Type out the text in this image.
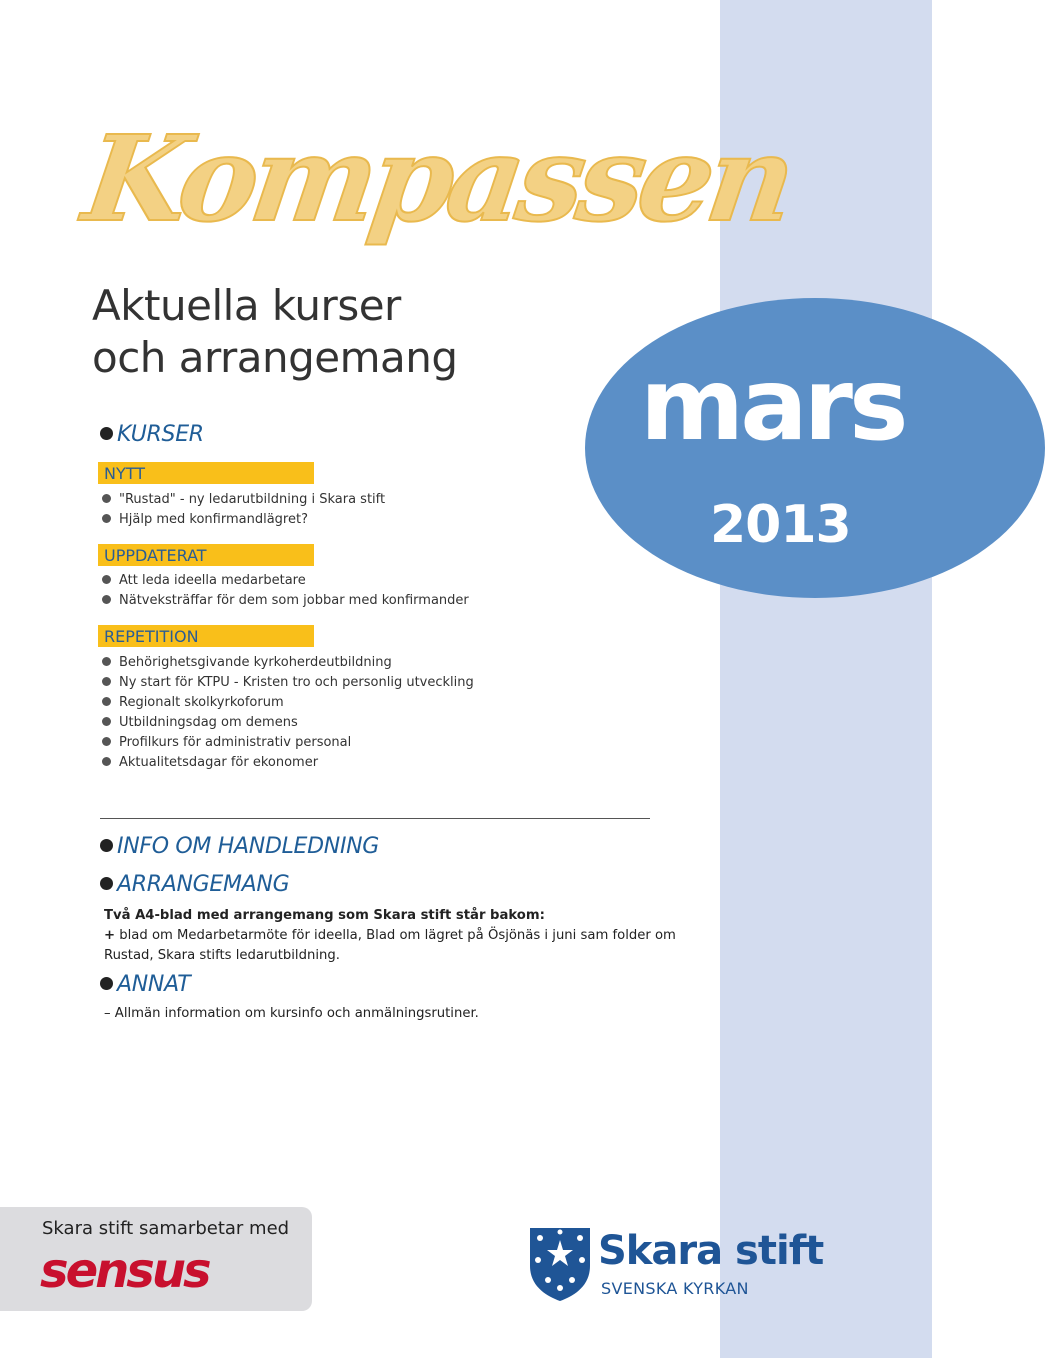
Kompassen
Aktuella kurser
och arrangemang
KURSER
NYTT
"Rustad" - ny ledarutbildning i Skara stift
Hjälp med konfirmandlägret?
UPPDATERAT
Att leda ideella medarbetare
Nätveksträffar för dem som jobbar med konfirmander
REPETITION
Behörighetsgivande kyrkoherdeutbildning
Ny start för KTPU - Kristen tro och personlig utveckling
Regionalt skolkyrkoforum
Utbildningsdag om demens
Profilkurs för administrativ personal
Aktualitetsdagar för ekonomer
mars
2013
INFO OM HANDLEDNING
ARRANGEMANG
Två A4-blad med arrangemang som Skara stift står bakom:
+ blad om Medarbetarmöte för ideella, Blad om lägret på Ösjönäs i juni sam folder om
Rustad, Skara stifts ledarutbildning.
ANNAT
– Allmän information om kursinfo och anmälningsrutiner.
Skara stift samarbetar med
sensus	Skara stift
SVENSKA KYRKAN
